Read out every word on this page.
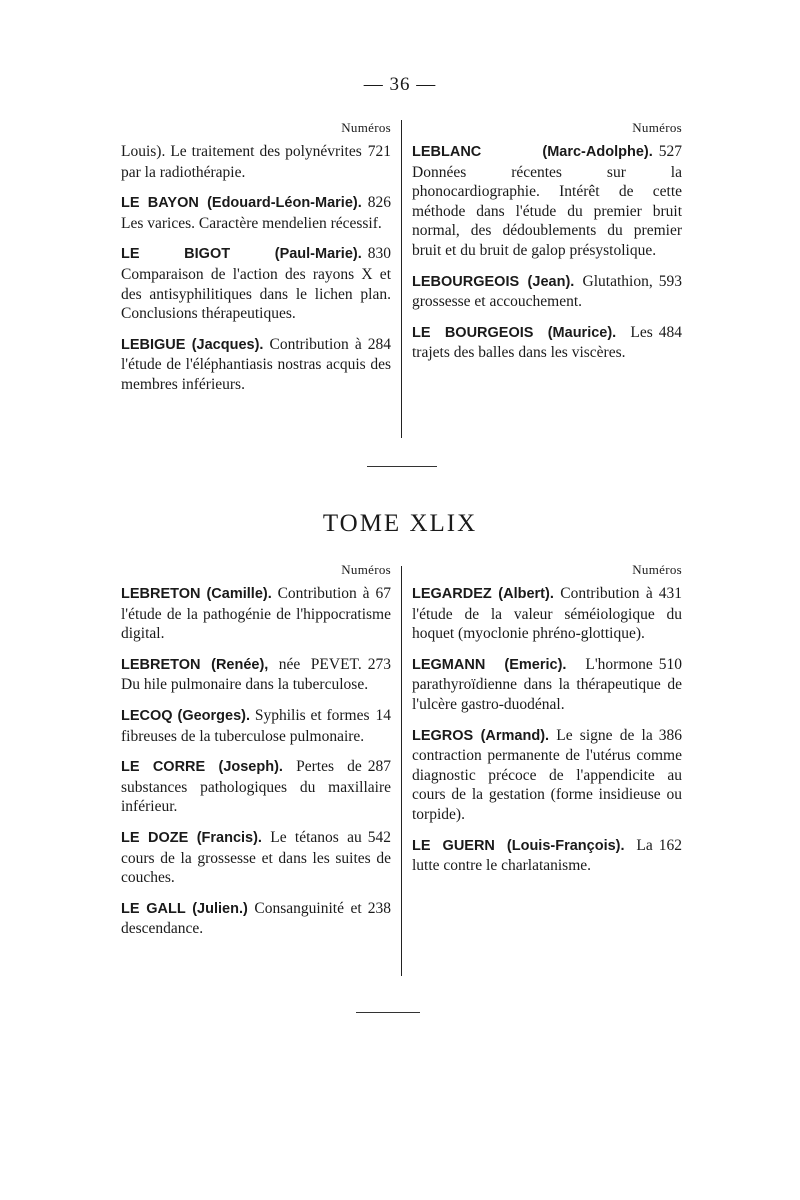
— 36 —
Numéros
721
Louis). Le traitement des polynévrites par la radiothérapie.
826
LE BAYON (Edouard-Léon-Marie). Les varices. Caractère mendelien récessif.
830
LE BIGOT (Paul-Marie). Comparaison de l'action des rayons X et des antisyphilitiques dans le lichen plan. Conclusions thérapeutiques.
284
LEBIGUE (Jacques). Contribution à l'étude de l'éléphantiasis nostras acquis des membres inférieurs.
Numéros
527
LEBLANC (Marc-Adolphe). Données récentes sur la phonocardiographie. Intérêt de cette méthode dans l'étude du premier bruit normal, des dédoublements du premier bruit et du bruit de galop présystolique.
593
LEBOURGEOIS (Jean). Glutathion, grossesse et accouchement.
484
LE BOURGEOIS (Maurice). Les trajets des balles dans les viscères.
TOME XLIX
Numéros
67
LEBRETON (Camille). Contribution à l'étude de la pathogénie de l'hippocratisme digital.
273
LEBRETON (Renée), née PEVET. Du hile pulmonaire dans la tuberculose.
14
LECOQ (Georges). Syphilis et formes fibreuses de la tuberculose pulmonaire.
287
LE CORRE (Joseph). Pertes de substances pathologiques du maxillaire inférieur.
542
LE DOZE (Francis). Le tétanos au cours de la grossesse et dans les suites de couches.
238
LE GALL (Julien.) Consanguinité et descendance.
Numéros
431
LEGARDEZ (Albert). Contribution à l'étude de la valeur séméiologique du hoquet (myoclonie phréno-glottique).
510
LEGMANN (Emeric). L'hormone parathyroïdienne dans la thérapeutique de l'ulcère gastro-duodénal.
386
LEGROS (Armand). Le signe de la contraction permanente de l'utérus comme diagnostic précoce de l'appendicite au cours de la gestation (forme insidieuse ou torpide).
162
LE GUERN (Louis-François). La lutte contre le charlatanisme.
